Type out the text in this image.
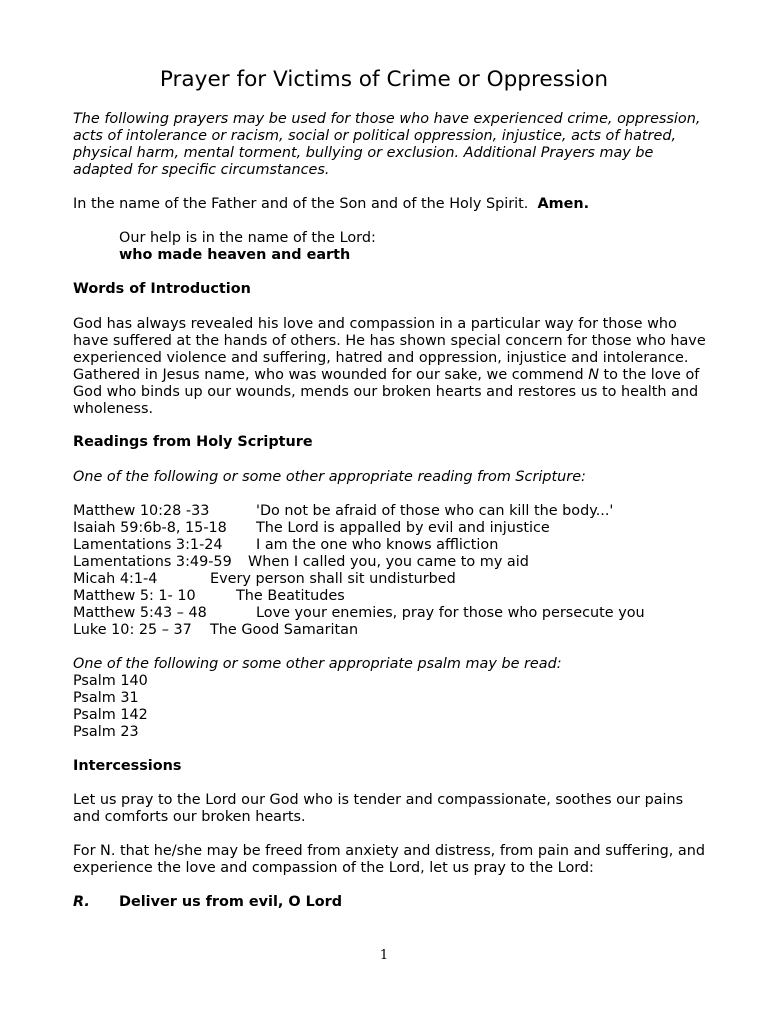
Prayer for Victims of Crime or Oppression
The following prayers may be used for those who have experienced crime, oppression, acts of intolerance or racism, social or political oppression, injustice, acts of hatred, physical harm, mental torment, bullying or exclusion. Additional Prayers may be adapted for specific circumstances.
In the name of the Father and of the Son and of the Holy Spirit. Amen.
Our help is in the name of the Lord:
who made heaven and earth
Words of Introduction
God has always revealed his love and compassion in a particular way for those who have suffered at the hands of others. He has shown special concern for those who have experienced violence and suffering, hatred and oppression, injustice and intolerance. Gathered in Jesus name, who was wounded for our sake, we commend N to the love of God who binds up our wounds, mends our broken hearts and restores us to health and wholeness.
Readings from Holy Scripture
One of the following or some other appropriate reading from Scripture:
Matthew 10:28 -33	'Do not be afraid of those who can kill the body...'
Isaiah 59:6b-8, 15-18 The Lord is appalled by evil and injustice
Lamentations 3:1-24 I am the one who knows affliction
Lamentations 3:49-59 When I called you, you came to my aid
Micah 4:1-4	Every person shall sit undisturbed
Matthew 5: 1- 10	The Beatitudes
Matthew 5:43 – 48	Love your enemies, pray for those who persecute you
Luke 10: 25 – 37 The Good Samaritan
One of the following or some other appropriate psalm may be read:
Psalm 140
Psalm 31
Psalm 142
Psalm 23
Intercessions
Let us pray to the Lord our God who is tender and compassionate, soothes our pains and comforts our broken hearts.
For N. that he/she may be freed from anxiety and distress, from pain and suffering, and experience the love and compassion of the Lord, let us pray to the Lord:
R. Deliver us from evil, O Lord
1
